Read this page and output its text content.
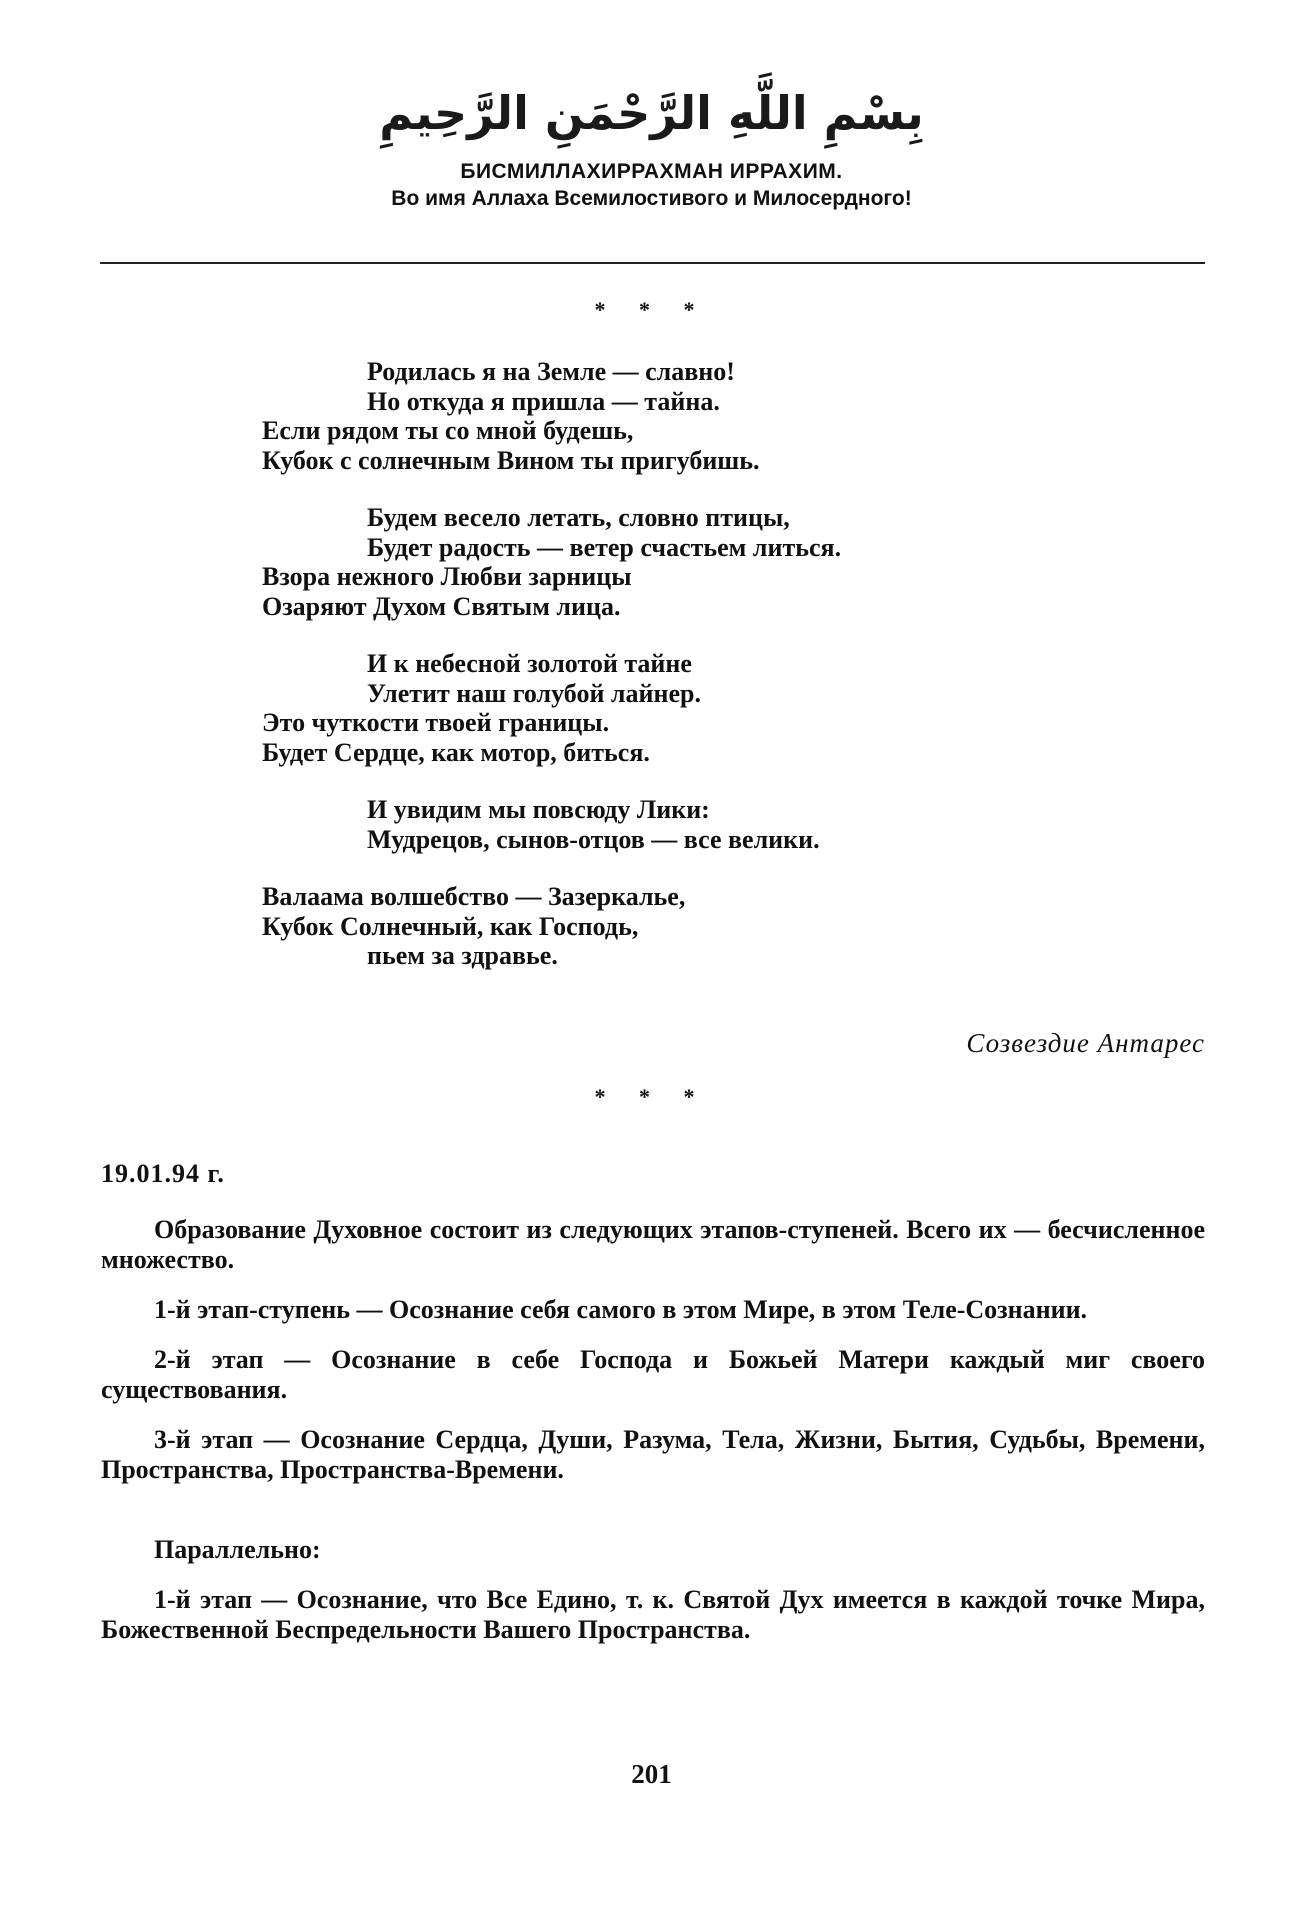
بِسْمِ اللَّهِ الرَّحْمَنِ الرَّحِيمِ
БИСМИЛЛАХИРРАХМАН ИРРАХИМ.
Во имя Аллаха Всемилостивого и Милосердного!
* * *
Родилась я на Земле — славно!
Но откуда я пришла — тайна.
Если рядом ты со мной будешь,
Кубок с солнечным Вином ты пригубишь.
Будем весело летать, словно птицы,
Будет радость — ветер счастьем литься.
Взора нежного Любви зарницы
Озаряют Духом Святым лица.
И к небесной золотой тайне
Улетит наш голубой лайнер.
Это чуткости твоей границы.
Будет Сердце, как мотор, биться.
И увидим мы повсюду Лики:
Мудрецов, сынов-отцов — все велики.
Валаама волшебство — Зазеркалье,
Кубок Солнечный, как Господь,
пьем за здравье.
Созвездие Антарес
* * *
19.01.94 г.

Образование Духовное состоит из следующих этапов-ступеней. Всего их — бесчисленное множество.

1-й этап-ступень — Осознание себя самого в этом Мире, в этом Теле-Сознании.

2-й этап — Осознание в себе Господа и Божьей Матери каждый миг своего существования.

3-й этап — Осознание Сердца, Души, Разума, Тела, Жизни, Бытия, Судьбы, Времени, Пространства, Пространства-Времени.

Параллельно:

1-й этап — Осознание, что Все Едино, т. к. Святой Дух имеется в каждой точке Мира, Божественной Беспредельности Вашего Пространства.

201
